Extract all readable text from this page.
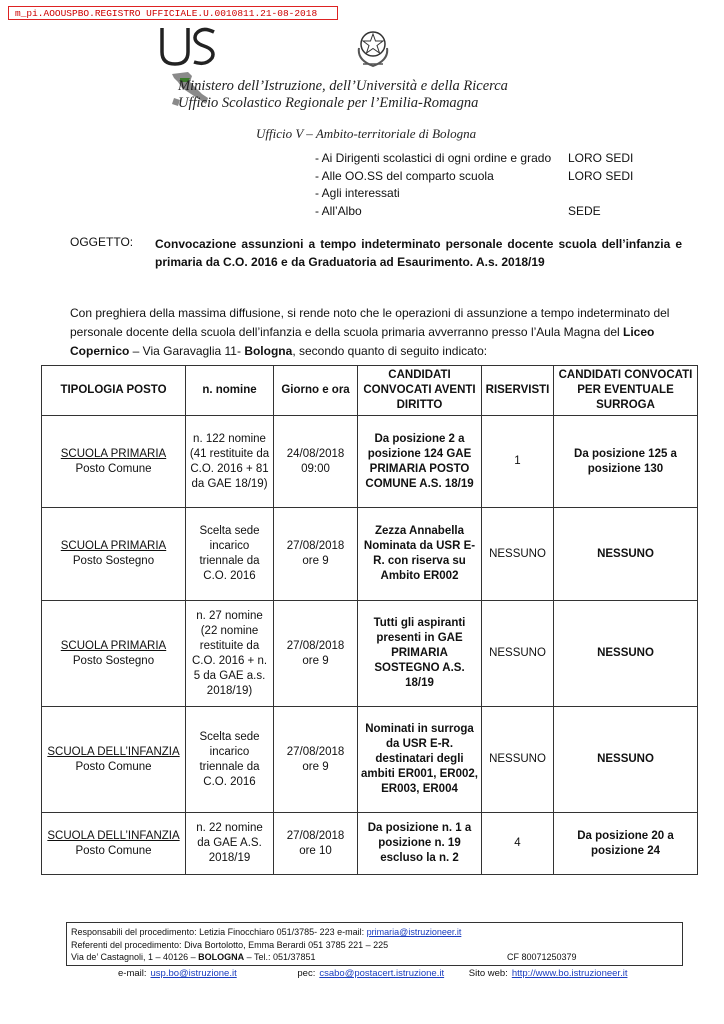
m_pi.AOOUSPBO.REGISTRO UFFICIALE.U.0010811.21-08-2018
Ministero dell’Istruzione, dell’Università e della Ricerca
Ufficio Scolastico Regionale per l’Emilia-Romagna
Ufficio V – Ambito-territoriale di Bologna
- Ai Dirigenti scolastici di ogni ordine e grado	LORO SEDI
- Alle OO.SS del comparto scuola	LORO SEDI
- Agli interessati
- All’Albo	SEDE
OGGETTO: Convocazione assunzioni a tempo indeterminato personale docente scuola dell’infanzia e primaria da C.O. 2016 e da Graduatoria ad Esaurimento. A.s. 2018/19
Con preghiera della massima diffusione, si rende noto che le operazioni di assunzione a tempo indeterminato del personale docente della scuola dell’infanzia e della scuola primaria avverranno presso l’Aula Magna del Liceo Copernico – Via Garavaglia 11- Bologna, secondo quanto di seguito indicato:
TIPOLOGIA POSTO	n. nomine	Giorno e ora	CANDIDATI CONVOCATI AVENTI DIRITTO	RISERVISTI	CANDIDATI CONVOCATI PER EVENTUALE SURROGA

SCUOLA PRIMARIA
Posto Comune	n. 122 nomine (41 restituite da C.O. 2016 + 81 da GAE 18/19)	24/08/2018 09:00	Da posizione 2 a posizione 124 GAE PRIMARIA POSTO COMUNE A.S. 18/19	1	Da posizione 125 a posizione 130

SCUOLA PRIMARIA
Posto Sostegno	Scelta sede incarico triennale da C.O. 2016	27/08/2018 ore 9	Zezza Annabella Nominata da USR E-R. con riserva su Ambito ER002	NESSUNO	NESSUNO

SCUOLA PRIMARIA
Posto Sostegno	n. 27 nomine (22 nomine restituite da C.O. 2016 + n. 5 da GAE a.s. 2018/19)	27/08/2018 ore 9	Tutti gli aspiranti presenti in GAE PRIMARIA SOSTEGNO A.S. 18/19	NESSUNO	NESSUNO

SCUOLA DELL’INFANZIA
Posto Comune	Scelta sede incarico triennale da C.O. 2016	27/08/2018 ore 9	Nominati in surroga da USR E-R. destinatari degli ambiti ER001, ER002, ER003, ER004	NESSUNO	NESSUNO

SCUOLA DELL’INFANZIA
Posto Comune	n. 22 nomine da GAE A.S. 2018/19	27/08/2018 ore 10	Da posizione n. 1 a posizione n. 19 escluso la n. 2	4	Da posizione 20 a posizione 24
Responsabili del procedimento: Letizia Finocchiaro 051/3785- 223 e-mail: primaria@istruzioneer.it
Referenti del procedimento: Diva Bortolotto, Emma Berardi 051 3785 221 – 225
Via de’ Castagnoli, 1 – 40126 – BOLOGNA – Tel.: 051/37851	CF 80071250379
e-mail: usp.bo@istruzione.it	pec: csabo@postacert.istruzione.it	Sito web: http://www.bo.istruzioneer.it
